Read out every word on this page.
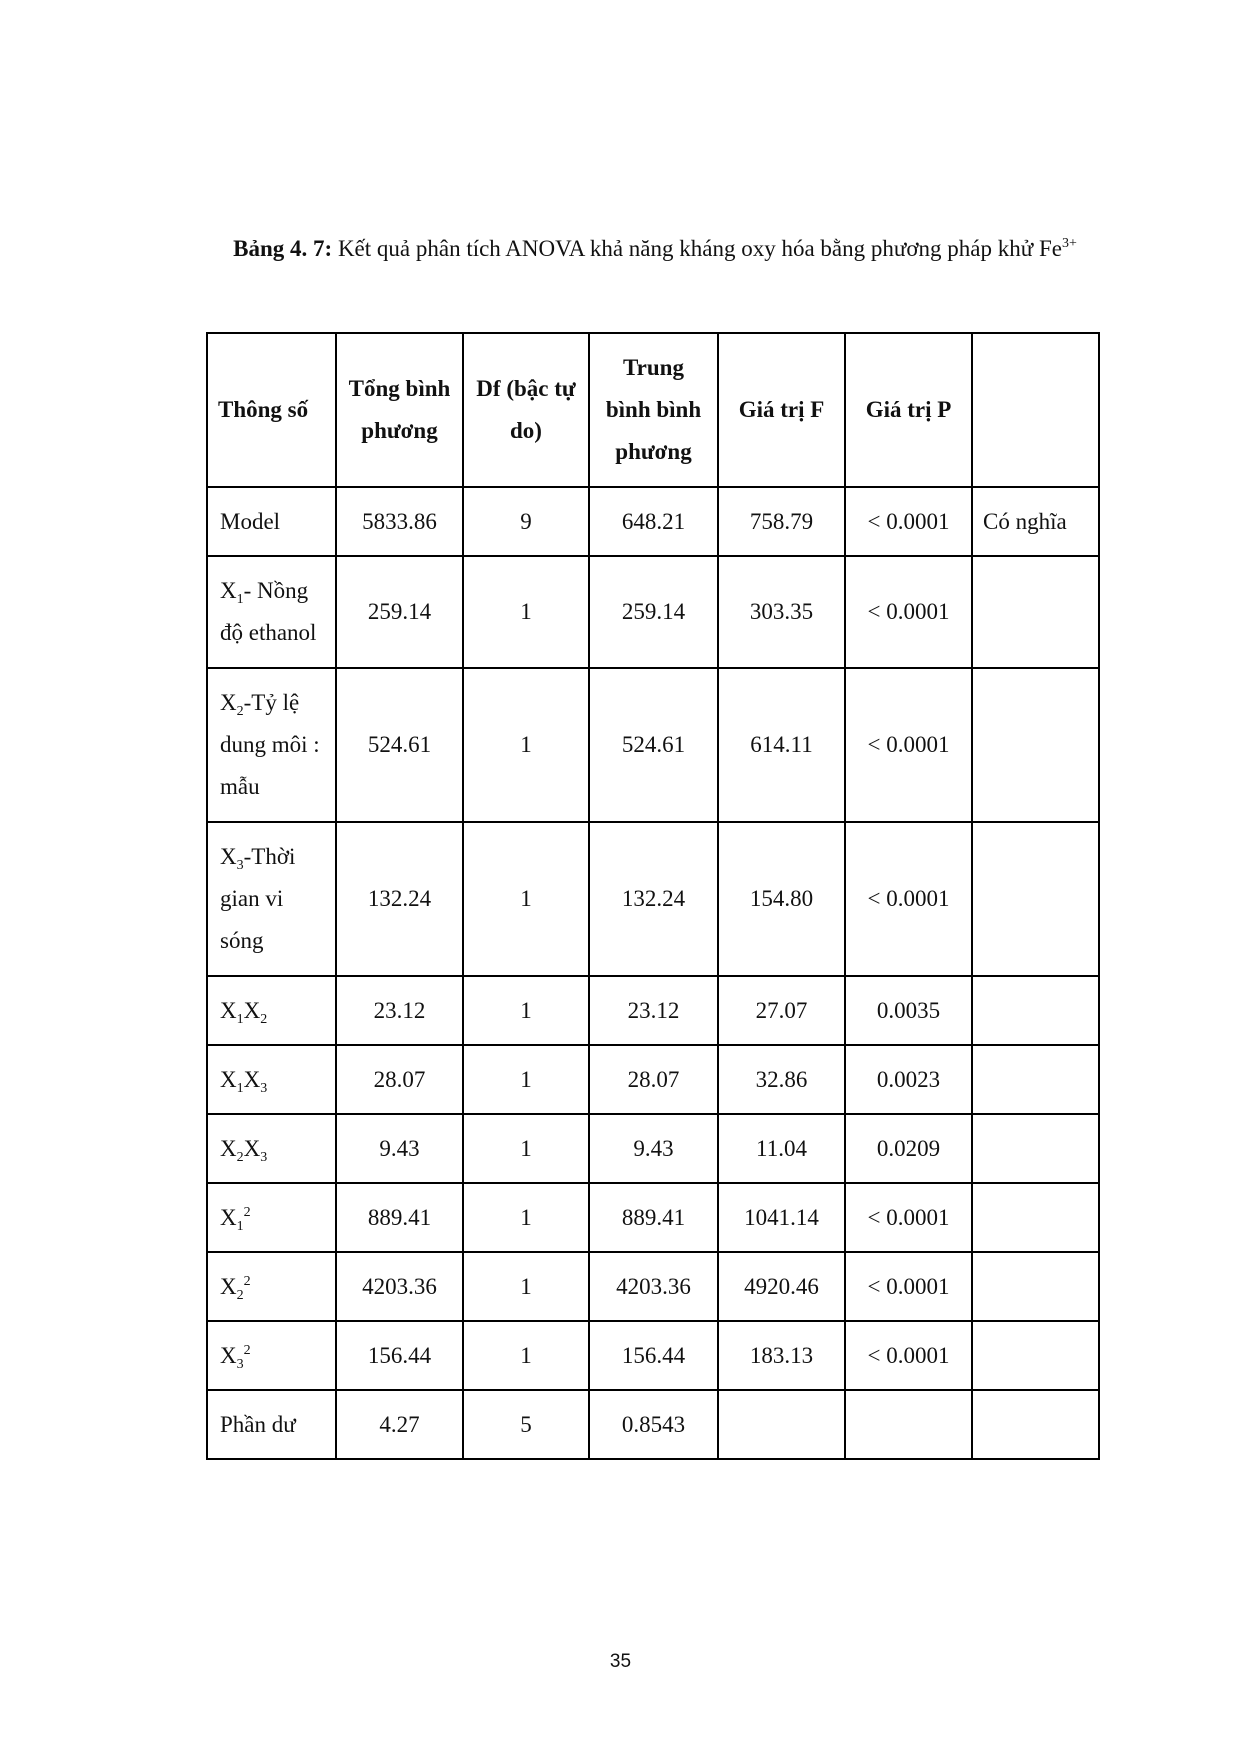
Bảng 4. 7: Kết quả phân tích ANOVA khả năng kháng oxy hóa bằng phương pháp khử $Fe^{3+}$
Thông số	Tổng bình phương	Df (bậc tự do)	Trung bình bình phương	Giá trị F	Giá trị P	
Model	5833.86	9	648.21	758.79	< 0.0001	Có nghĩa
$X_1-$ Nồng độ ethanol	259.14	1	259.14	303.35	< 0.0001	
$X_2-Tỷ$ lệ dung môi : mẫu	524.61	1	524.61	614.11	< 0.0001	
$X_3$-Thời gian vi sóng	132.24	1	132.24	154.80	< 0.0001	
$X_1X_2$	23.12	1	23.12	27.07	0.0035	
$X_1X_3$	28.07	1	28.07	32.86	0.0023	
$X_2X_3$	9.43	1	9.43	11.04	0.0209	
$X_1^2$	889.41	1	889.41	1041.14	< 0.0001	
$X_2^2$	4203.36	1	4203.36	4920.46	< 0.0001	
$X_3^2$	156.44	1	156.44	183.13	< 0.0001	
Phần dư	4.27	5	0.8543			
35
